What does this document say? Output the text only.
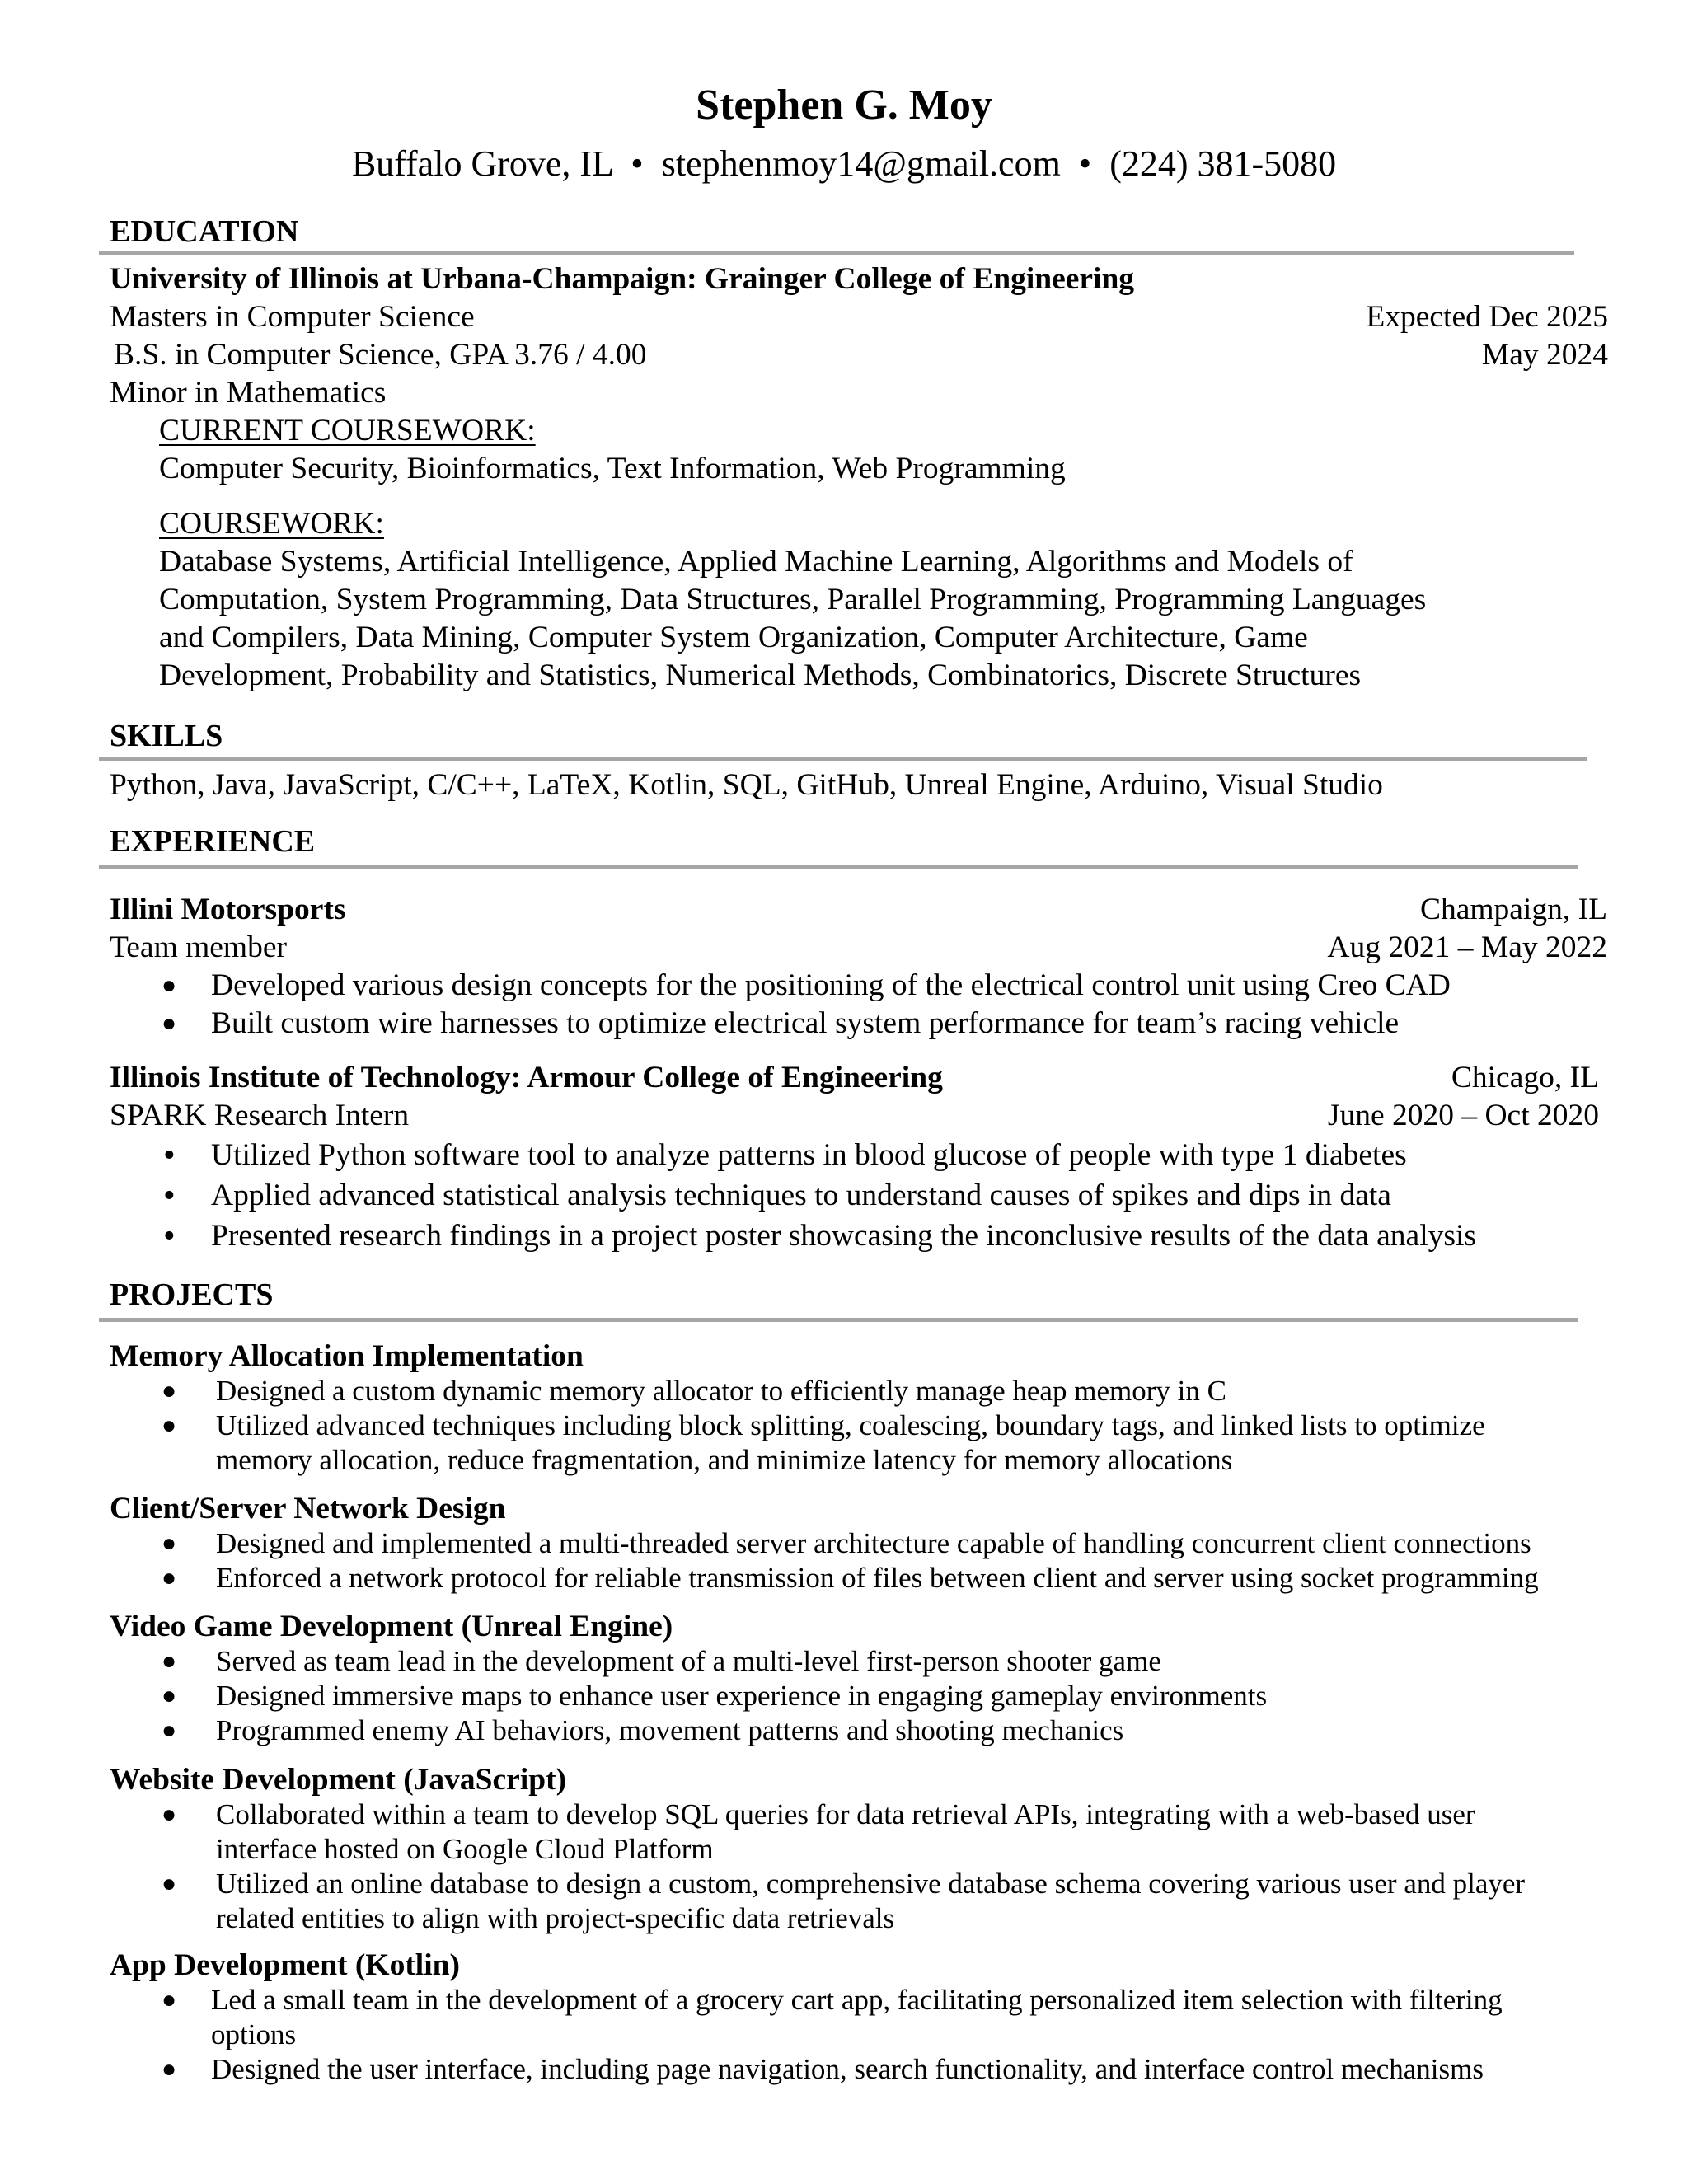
Stephen G. Moy
Buffalo Grove, IL  •  stephenmoy14@gmail.com  •  (224) 381-5080
EDUCATION
University of Illinois at Urbana-Champaign: Grainger College of Engineering
Masters in Computer Science	Expected Dec 2025
B.S. in Computer Science, GPA 3.76 / 4.00	May 2024
Minor in Mathematics
CURRENT COURSEWORK:
Computer Security, Bioinformatics, Text Information, Web Programming
COURSEWORK:
Database Systems, Artificial Intelligence, Applied Machine Learning, Algorithms and Models of
Computation, System Programming, Data Structures, Parallel Programming, Programming Languages
and Compilers, Data Mining, Computer System Organization, Computer Architecture, Game
Development, Probability and Statistics, Numerical Methods, Combinatorics, Discrete Structures
SKILLS
Python, Java, JavaScript, C/C++, LaTeX, Kotlin, SQL, GitHub, Unreal Engine, Arduino, Visual Studio
EXPERIENCE
Illini Motorsports	Champaign, IL
Team member	Aug 2021 – May 2022
● Developed various design concepts for the positioning of the electrical control unit using Creo CAD
● Built custom wire harnesses to optimize electrical system performance for team’s racing vehicle
Illinois Institute of Technology: Armour College of Engineering	Chicago, IL
SPARK Research Intern	June 2020 – Oct 2020
• Utilized Python software tool to analyze patterns in blood glucose of people with type 1 diabetes
• Applied advanced statistical analysis techniques to understand causes of spikes and dips in data
• Presented research findings in a project poster showcasing the inconclusive results of the data analysis
PROJECTS
Memory Allocation Implementation
● Designed a custom dynamic memory allocator to efficiently manage heap memory in C
● Utilized advanced techniques including block splitting, coalescing, boundary tags, and linked lists to optimize
memory allocation, reduce fragmentation, and minimize latency for memory allocations
Client/Server Network Design
● Designed and implemented a multi-threaded server architecture capable of handling concurrent client connections
● Enforced a network protocol for reliable transmission of files between client and server using socket programming
Video Game Development (Unreal Engine)
● Served as team lead in the development of a multi-level first-person shooter game
● Designed immersive maps to enhance user experience in engaging gameplay environments
● Programmed enemy AI behaviors, movement patterns and shooting mechanics
Website Development (JavaScript)
● Collaborated within a team to develop SQL queries for data retrieval APIs, integrating with a web-based user
interface hosted on Google Cloud Platform
● Utilized an online database to design a custom, comprehensive database schema covering various user and player
related entities to align with project-specific data retrievals
App Development (Kotlin)
● Led a small team in the development of a grocery cart app, facilitating personalized item selection with filtering
options
● Designed the user interface, including page navigation, search functionality, and interface control mechanisms
